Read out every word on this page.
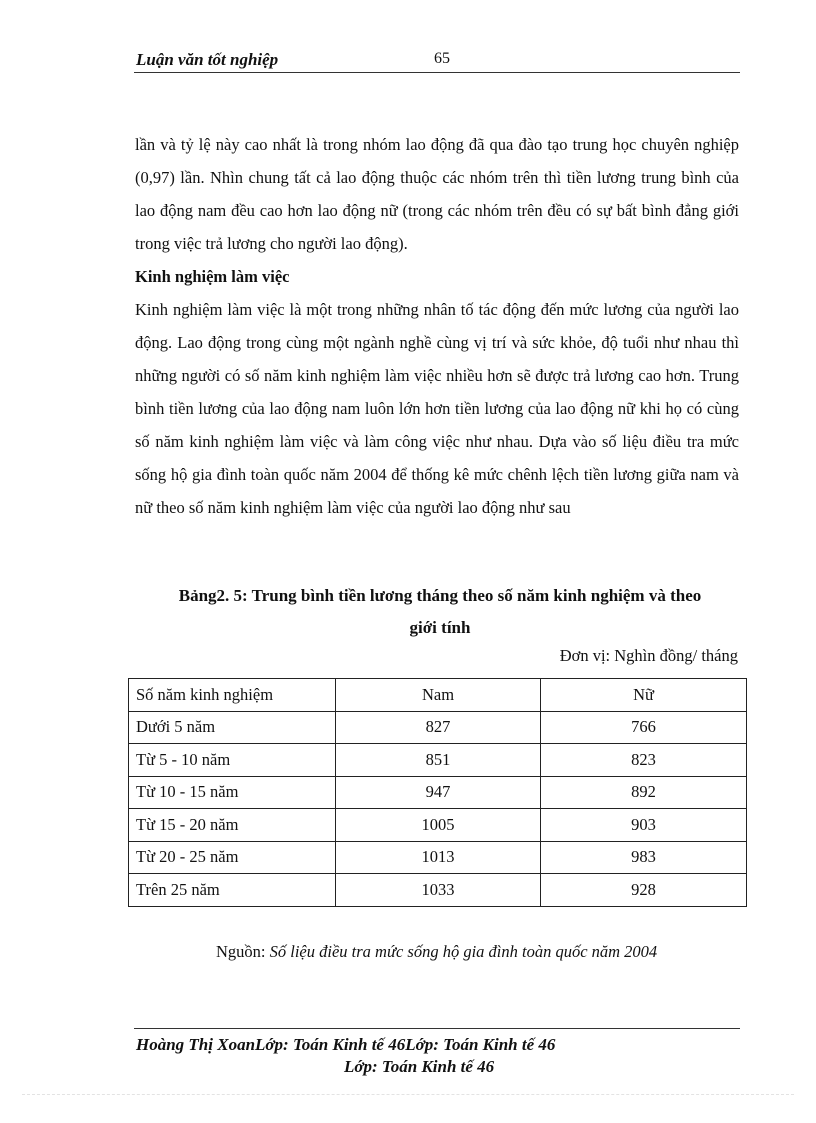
Luận văn tốt nghiệp	65

lần và tỷ lệ này cao nhất là trong nhóm lao động đã qua đào tạo trung học chuyên nghiệp (0,97) lần. Nhìn chung tất cả lao động thuộc các nhóm trên thì tiền lương trung bình của lao động nam đều cao hơn lao động nữ (trong các nhóm trên đều có sự bất bình đẳng giới trong việc trả lương cho người lao động).

Kinh nghiệm làm việc

Kinh nghiệm làm việc là một trong những nhân tố tác động đến mức lương của người lao động. Lao động trong cùng một ngành nghề cùng vị trí và sức khỏe, độ tuổi như nhau thì những người có số năm kinh nghiệm làm việc nhiều hơn sẽ được trả lương cao hơn. Trung bình tiền lương của lao động nam luôn lớn hơn tiền lương của lao động nữ khi họ có cùng số năm kinh nghiệm làm việc và làm công việc như nhau. Dựa vào số liệu điều tra mức sống hộ gia đình toàn quốc năm 2004 để thống kê mức chênh lệch tiền lương giữa nam và nữ theo số năm kinh nghiệm làm việc của người lao động như sau

Bảng2. 5: Trung bình tiền lương tháng theo số năm kinh nghiệm và theo
giới tính
Đơn vị: Nghìn đồng/ tháng
Số năm kinh nghiệm	Nam	Nữ
Dưới 5 năm	827	766
Từ 5 - 10 năm	851	823
Từ 10 - 15 năm	947	892
Từ 15 - 20 năm	1005	903
Từ 20 - 25 năm	1013	983
Trên 25 năm	1033	928
Nguồn: Số liệu điều tra mức sống hộ gia đình toàn quốc năm 2004
Hoàng Thị XoanLớp: Toán Kinh tế 46Lớp: Toán Kinh tế 46
Lớp: Toán Kinh tế 46
